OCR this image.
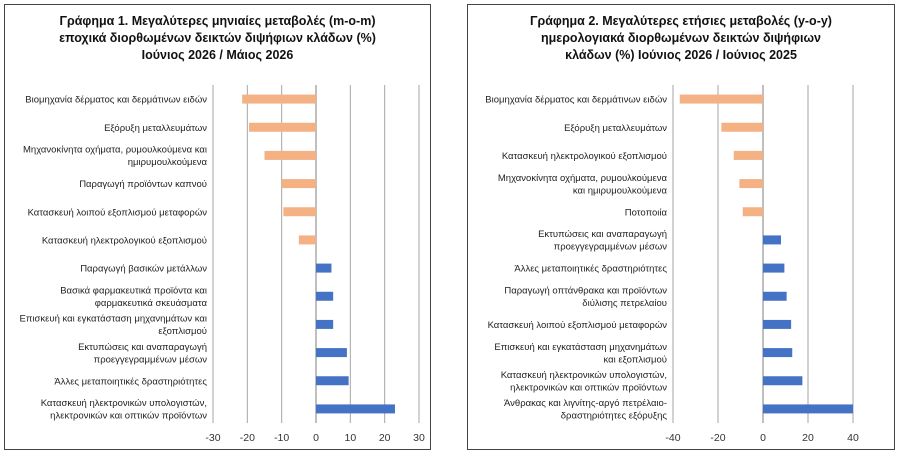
Γράφημα 1. Μεγαλύτερες μηνιαίες μεταβολές (m-o-m)
εποχικά διορθωμένων δεικτών διψήφιων κλάδων (%)
Ιούνιος 2026 / Μάιος 2026
-30 -20 -10 0 10 20 30
Βιομηχανία δέρματος και δερμάτινων ειδών
Εξόρυξη μεταλλευμάτων
Μηχανοκίνητα οχήματα, ρυμουλκούμενα και
ημιρυμουλκούμενα
Παραγωγή προϊόντων καπνού
Κατασκευή λοιπού εξοπλισμού μεταφορών
Κατασκευή ηλεκτρολογικού εξοπλισμού
Παραγωγή βασικών μετάλλων
Βασικά φαρμακευτικά προϊόντα και
φαρμακευτικά σκευάσματα
Επισκευή και εγκατάσταση μηχανημάτων και
εξοπλισμού
Εκτυπώσεις και αναπαραγωγή
προεγγεγραμμένων μέσων
Άλλες μεταποιητικές δραστηριότητες
Κατασκευή ηλεκτρονικών υπολογιστών,
ηλεκτρονικών και οπτικών προϊόντων
Γράφημα 2. Μεγαλύτερες ετήσιες μεταβολές (y-o-y)
ημερολογιακά διορθωμένων δεικτών διψήφιων
κλάδων (%) Ιούνιος 2026 / Ιούνιος 2025
-40	-20	0	20	40
Βιομηχανία δέρματος και δερμάτινων ειδών
Εξόρυξη μεταλλευμάτων
Κατασκευή ηλεκτρολογικού εξοπλισμού
Μηχανοκίνητα οχήματα, ρυμουλκούμενα
και ημιρυμουλκούμενα
Ποτοποιία
Εκτυπώσεις και αναπαραγωγή
προεγγεγραμμένων μέσων
Άλλες μεταποιητικές δραστηριότητες
Παραγωγή οπτάνθρακα και προϊόντων
διύλισης πετρελαίου
Κατασκευή λοιπού εξοπλισμού μεταφορών
Επισκευή και εγκατάσταση μηχανημάτων
και εξοπλισμού
Κατασκευή ηλεκτρονικών υπολογιστών,
ηλεκτρονικών και οπτικών προϊόντων
Άνθρακας και λιγνίτης-αργό πετρέλαιο-
δραστηριότητες εξόρυξης
